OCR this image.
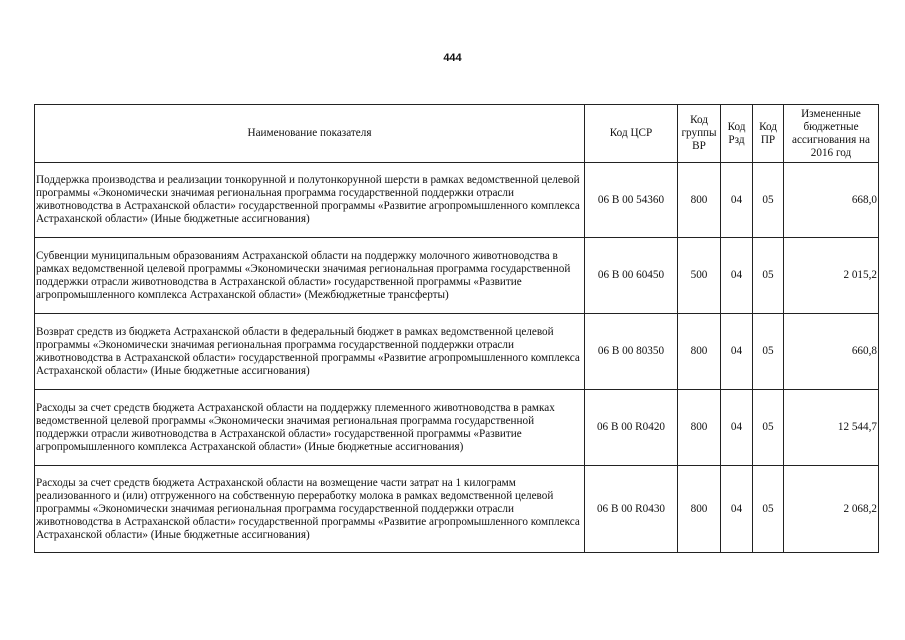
444
Наименование показателя	Код ЦСР	Код группы ВР	Код Рзд	Код ПР	Измененные бюджетные ассигнования на 2016 год
Поддержка производства и реализации тонкорунной и полутонкорунной шерсти в рамках ведомственной целевой программы «Экономически значимая региональная программа государственной поддержки отрасли животноводства в Астраханской области» государственной программы «Развитие агропромышленного комплекса Астраханской области» (Иные бюджетные ассигнования)	06 В 00 54360	800	04	05	668,0
Субвенции муниципальным образованиям Астраханской области на поддержку молочного животноводства в рамках ведомственной целевой программы «Экономически значимая региональная программа государственной поддержки отрасли животноводства в Астраханской области» государственной программы «Развитие агропромышленного комплекса Астраханской области» (Межбюджетные трансферты)	06 В 00 60450	500	04	05	2 015,2
Возврат средств из бюджета Астраханской области в федеральный бюджет в рамках ведомственной целевой программы «Экономически значимая региональная программа государственной поддержки отрасли животноводства в Астраханской области» государственной программы «Развитие агропромышленного комплекса Астраханской области» (Иные бюджетные ассигнования)	06 В 00 80350	800	04	05	660,8
Расходы за счет средств бюджета Астраханской области на поддержку племенного животноводства в рамках ведомственной целевой программы «Экономически значимая региональная программа государственной поддержки отрасли животноводства в Астраханской области» государственной программы «Развитие агропромышленного комплекса Астраханской области» (Иные бюджетные ассигнования)	06 В 00 R0420	800	04	05	12 544,7
Расходы за счет средств бюджета Астраханской области на возмещение части затрат на 1 килограмм реализованного и (или) отгруженного на собственную переработку молока в рамках ведомственной целевой программы «Экономически значимая региональная программа государственной поддержки отрасли животноводства в Астраханской области» государственной программы «Развитие агропромышленного комплекса Астраханской области» (Иные бюджетные ассигнования)	06 В 00 R0430	800	04	05	2 068,2
